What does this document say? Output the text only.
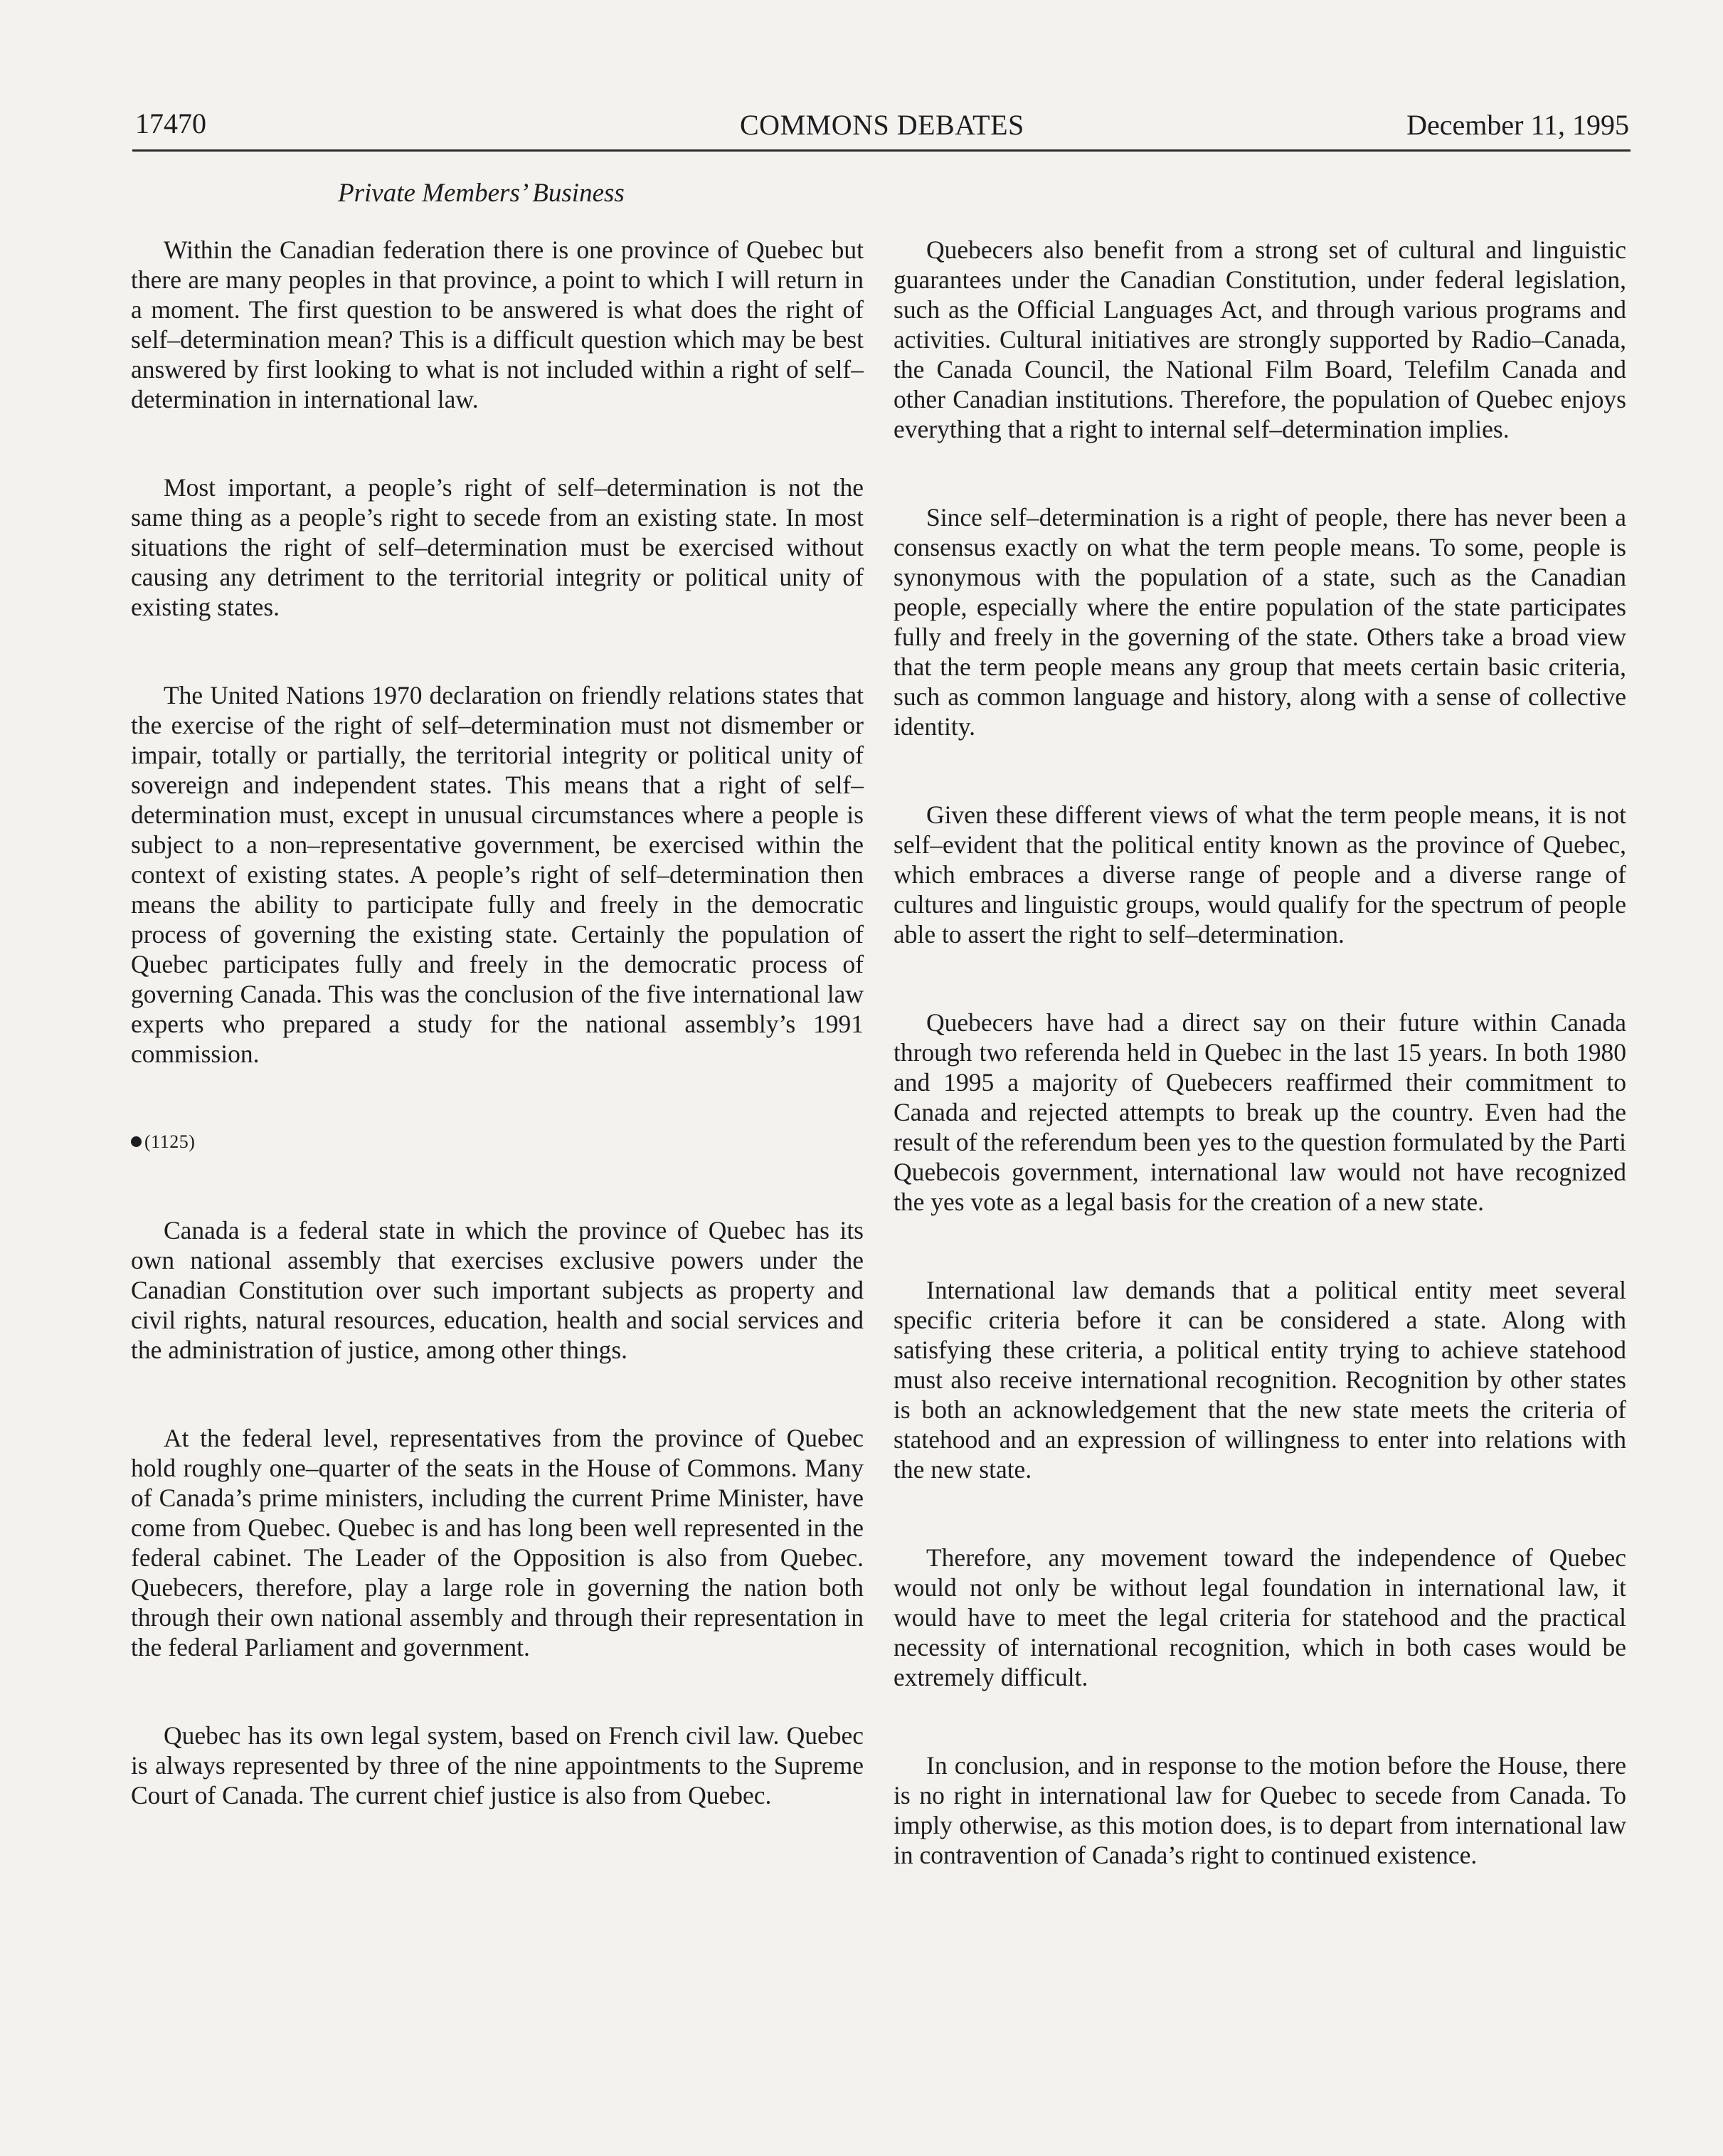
17470	COMMONS DEBATES	December 11, 1995
Private Members’ Business

Within the Canadian federation there is one province of Quebec but there are many peoples in that province, a point to which I will return in a moment. The first question to be answered is what does the right of self–determination mean? This is a difficult question which may be best answered by first looking to what is not included within a right of self–determination in international law.

Most important, a people’s right of self–determination is not the same thing as a people’s right to secede from an existing state. In most situations the right of self–determination must be exercised without causing any detriment to the territorial integrity or political unity of existing states.

The United Nations 1970 declaration on friendly relations states that the exercise of the right of self–determination must not dismember or impair, totally or partially, the territorial integrity or political unity of sovereign and independent states. This means that a right of self–determination must, except in unusual circumstances where a people is subject to a non–representative government, be exercised within the context of existing states. A people’s right of self–determination then means the ability to participate fully and freely in the democratic process of governing the existing state. Certainly the population of Quebec participates fully and freely in the democratic process of governing Canada. This was the conclusion of the five international law experts who prepared a study for the national assembly’s 1991 commission.

(1125)

Canada is a federal state in which the province of Quebec has its own national assembly that exercises exclusive powers under the Canadian Constitution over such important subjects as property and civil rights, natural resources, education, health and social services and the administration of justice, among other things.

At the federal level, representatives from the province of Quebec hold roughly one–quarter of the seats in the House of Commons. Many of Canada’s prime ministers, including the current Prime Minister, have come from Quebec. Quebec is and has long been well represented in the federal cabinet. The Leader of the Opposition is also from Quebec. Quebecers, therefore, play a large role in governing the nation both through their own national assembly and through their representation in the federal Parliament and government.

Quebec has its own legal system, based on French civil law. Quebec is always represented by three of the nine appointments to the Supreme Court of Canada. The current chief justice is also from Quebec.

Quebecers also benefit from a strong set of cultural and linguistic guarantees under the Canadian Constitution, under federal legislation, such as the Official Languages Act, and through various programs and activities. Cultural initiatives are strongly supported by Radio–Canada, the Canada Council, the National Film Board, Telefilm Canada and other Canadian institutions. Therefore, the population of Quebec enjoys everything that a right to internal self–determination implies.

Since self–determination is a right of people, there has never been a consensus exactly on what the term people means. To some, people is synonymous with the population of a state, such as the Canadian people, especially where the entire population of the state participates fully and freely in the governing of the state. Others take a broad view that the term people means any group that meets certain basic criteria, such as common language and history, along with a sense of collective identity.

Given these different views of what the term people means, it is not self–evident that the political entity known as the province of Quebec, which embraces a diverse range of people and a diverse range of cultures and linguistic groups, would qualify for the spectrum of people able to assert the right to self–determination.

Quebecers have had a direct say on their future within Canada through two referenda held in Quebec in the last 15 years. In both 1980 and 1995 a majority of Quebecers reaffirmed their commitment to Canada and rejected attempts to break up the country. Even had the result of the referendum been yes to the question formulated by the Parti Quebecois government, international law would not have recognized the yes vote as a legal basis for the creation of a new state.

International law demands that a political entity meet several specific criteria before it can be considered a state. Along with satisfying these criteria, a political entity trying to achieve statehood must also receive international recognition. Recognition by other states is both an acknowledgement that the new state meets the criteria of statehood and an expression of willingness to enter into relations with the new state.

Therefore, any movement toward the independence of Quebec would not only be without legal foundation in international law, it would have to meet the legal criteria for statehood and the practical necessity of international recognition, which in both cases would be extremely difficult.

In conclusion, and in response to the motion before the House, there is no right in international law for Quebec to secede from Canada. To imply otherwise, as this motion does, is to depart from international law in contravention of Canada’s right to continued existence.
